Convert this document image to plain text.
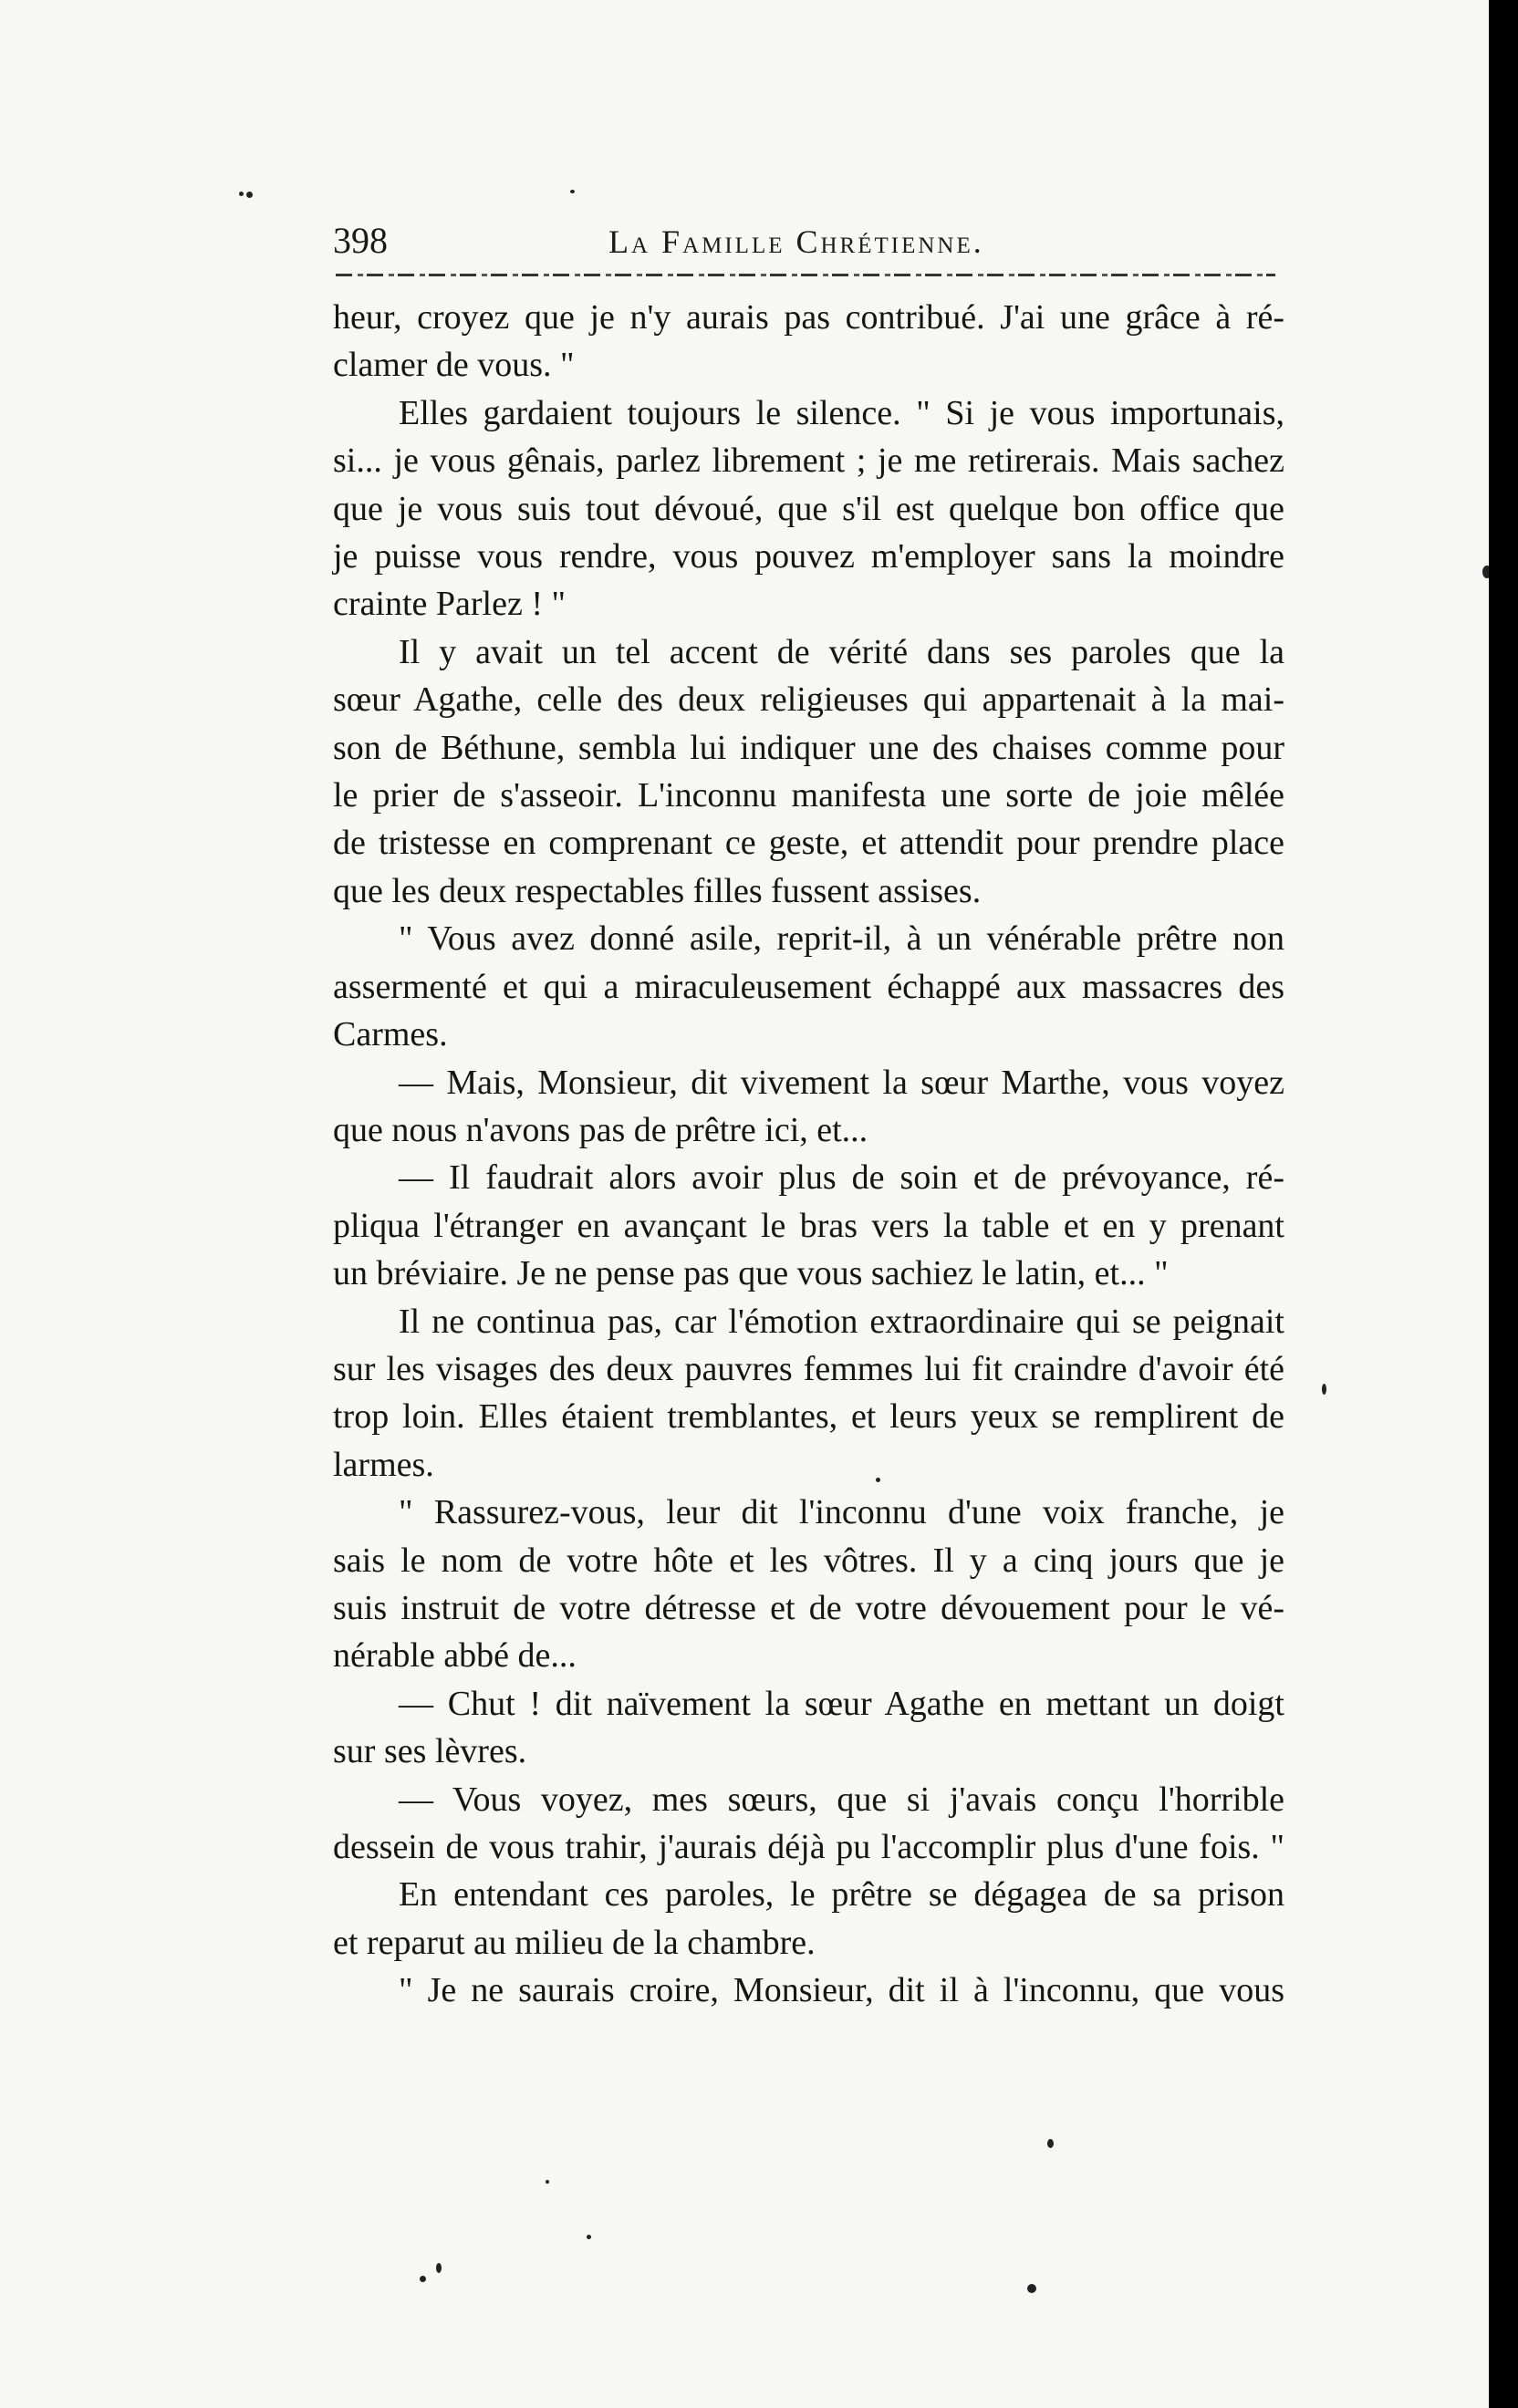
398	La Famille Chrétienne.
heur, croyez que je n'y aurais pas contribué. J'ai une grâce à ré-
clamer de vous. "
Elles gardaient toujours le silence. " Si je vous importunais,
si... je vous gênais, parlez librement ; je me retirerais. Mais sachez
que je vous suis tout dévoué, que s'il est quelque bon office que
je puisse vous rendre, vous pouvez m'employer sans la moindre
crainte Parlez ! "
Il y avait un tel accent de vérité dans ses paroles que la
sœur Agathe, celle des deux religieuses qui appartenait à la mai-
son de Béthune, sembla lui indiquer une des chaises comme pour
le prier de s'asseoir. L'inconnu manifesta une sorte de joie mêlée
de tristesse en comprenant ce geste, et attendit pour prendre place
que les deux respectables filles fussent assises.
" Vous avez donné asile, reprit-il, à un vénérable prêtre non
assermenté et qui a miraculeusement échappé aux massacres des
Carmes.
— Mais, Monsieur, dit vivement la sœur Marthe, vous voyez
que nous n'avons pas de prêtre ici, et...
— Il faudrait alors avoir plus de soin et de prévoyance, ré-
pliqua l'étranger en avançant le bras vers la table et en y prenant
un bréviaire. Je ne pense pas que vous sachiez le latin, et... "
Il ne continua pas, car l'émotion extraordinaire qui se peignait
sur les visages des deux pauvres femmes lui fit craindre d'avoir été
trop loin. Elles étaient tremblantes, et leurs yeux se remplirent de
larmes.
" Rassurez-vous, leur dit l'inconnu d'une voix franche, je
sais le nom de votre hôte et les vôtres. Il y a cinq jours que je
suis instruit de votre détresse et de votre dévouement pour le vé-
nérable abbé de...
— Chut ! dit naïvement la sœur Agathe en mettant un doigt
sur ses lèvres.
— Vous voyez, mes sœurs, que si j'avais conçu l'horrible
dessein de vous trahir, j'aurais déjà pu l'accomplir plus d'une fois. "
En entendant ces paroles, le prêtre se dégagea de sa prison
et reparut au milieu de la chambre.
" Je ne saurais croire, Monsieur, dit il à l'inconnu, que vous
